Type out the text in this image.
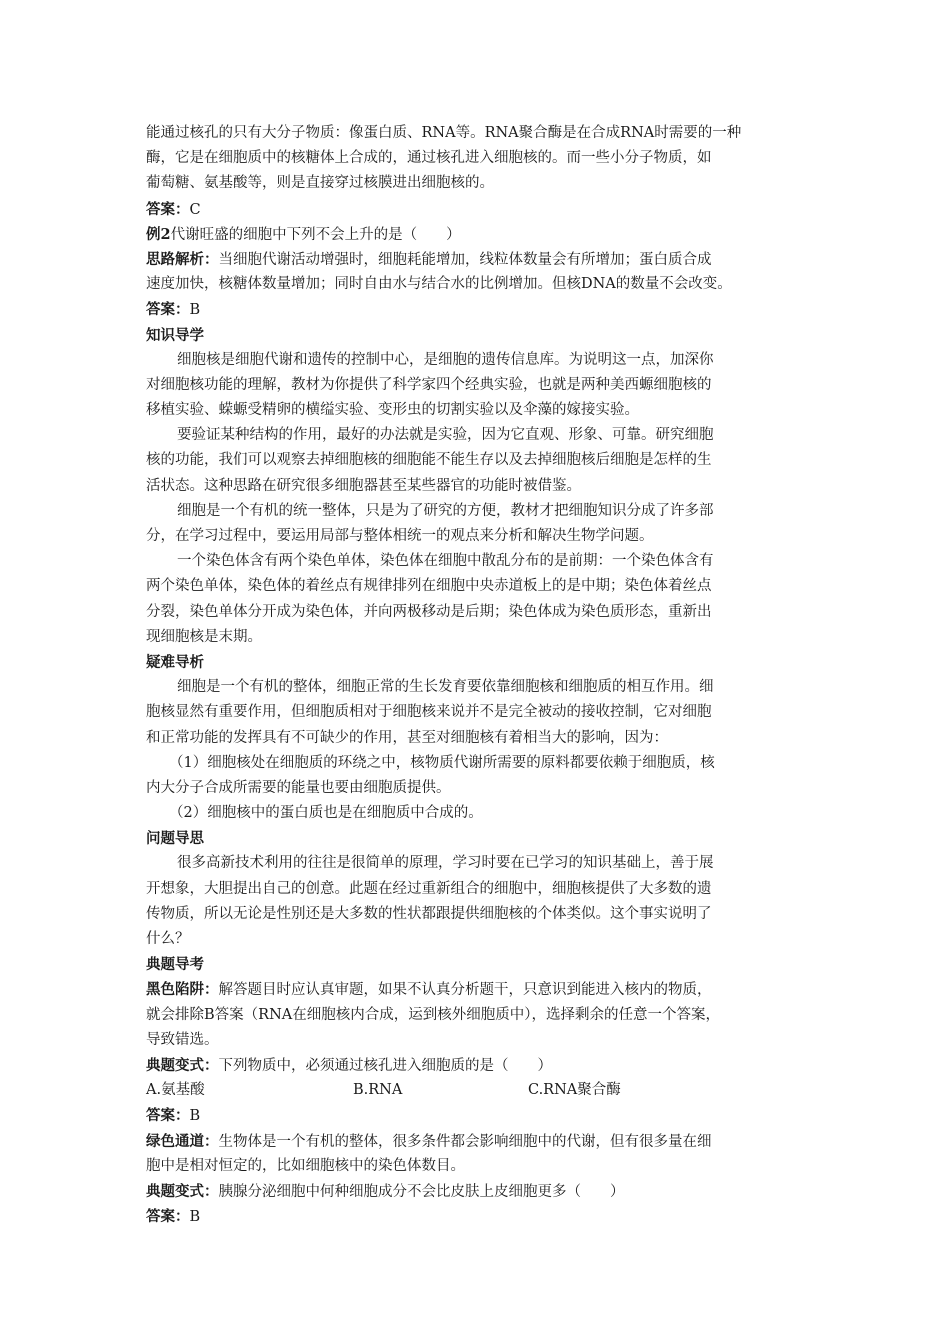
能通过核孔的只有大分子物质：像蛋白质、RNA等。RNA聚合酶是在合成RNA时需要的一种
酶，它是在细胞质中的核糖体上合成的，通过核孔进入细胞核的。而一些小分子物质，如
葡萄糖、氨基酸等，则是直接穿过核膜进出细胞核的。
答案：C
例2代谢旺盛的细胞中下列不会上升的是（　　）
思路解析：当细胞代谢活动增强时，细胞耗能增加，线粒体数量会有所增加；蛋白质合成
速度加快，核糖体数量增加；同时自由水与结合水的比例增加。但核DNA的数量不会改变。
答案：B
知识导学
细胞核是细胞代谢和遗传的控制中心，是细胞的遗传信息库。为说明这一点，加深你
对细胞核功能的理解，教材为你提供了科学家四个经典实验，也就是两种美西螈细胞核的
移植实验、蝾螈受精卵的横缢实验、变形虫的切割实验以及伞藻的嫁接实验。
要验证某种结构的作用，最好的办法就是实验，因为它直观、形象、可靠。研究细胞
核的功能，我们可以观察去掉细胞核的细胞能不能生存以及去掉细胞核后细胞是怎样的生
活状态。这种思路在研究很多细胞器甚至某些器官的功能时被借鉴。
细胞是一个有机的统一整体，只是为了研究的方便，教材才把细胞知识分成了许多部
分，在学习过程中，要运用局部与整体相统一的观点来分析和解决生物学问题。
一个染色体含有两个染色单体，染色体在细胞中散乱分布的是前期：一个染色体含有
两个染色单体，染色体的着丝点有规律排列在细胞中央赤道板上的是中期；染色体着丝点
分裂，染色单体分开成为染色体，并向两极移动是后期；染色体成为染色质形态，重新出
现细胞核是末期。
疑难导析
细胞是一个有机的整体，细胞正常的生长发育要依靠细胞核和细胞质的相互作用。细
胞核显然有重要作用，但细胞质相对于细胞核来说并不是完全被动的接收控制，它对细胞
和正常功能的发挥具有不可缺少的作用，甚至对细胞核有着相当大的影响，因为：
（1）细胞核处在细胞质的环绕之中，核物质代谢所需要的原料都要依赖于细胞质，核
内大分子合成所需要的能量也要由细胞质提供。
（2）细胞核中的蛋白质也是在细胞质中合成的。
问题导思
很多高新技术利用的往往是很简单的原理，学习时要在已学习的知识基础上，善于展
开想象，大胆提出自己的创意。此题在经过重新组合的细胞中，细胞核提供了大多数的遗
传物质，所以无论是性别还是大多数的性状都跟提供细胞核的个体类似。这个事实说明了
什么？
典题导考
黑色陷阱：解答题目时应认真审题，如果不认真分析题干，只意识到能进入核内的物质，
就会排除B答案（RNA在细胞核内合成，运到核外细胞质中），选择剩余的任意一个答案，
导致错选。
典题变式：下列物质中，必须通过核孔进入细胞质的是（　　）
A.氨基酸	B.RNA	C.RNA聚合酶
答案：B
绿色通道：生物体是一个有机的整体，很多条件都会影响细胞中的代谢，但有很多量在细
胞中是相对恒定的，比如细胞核中的染色体数目。
典题变式：胰腺分泌细胞中何种细胞成分不会比皮肤上皮细胞更多（　　）
答案：B
